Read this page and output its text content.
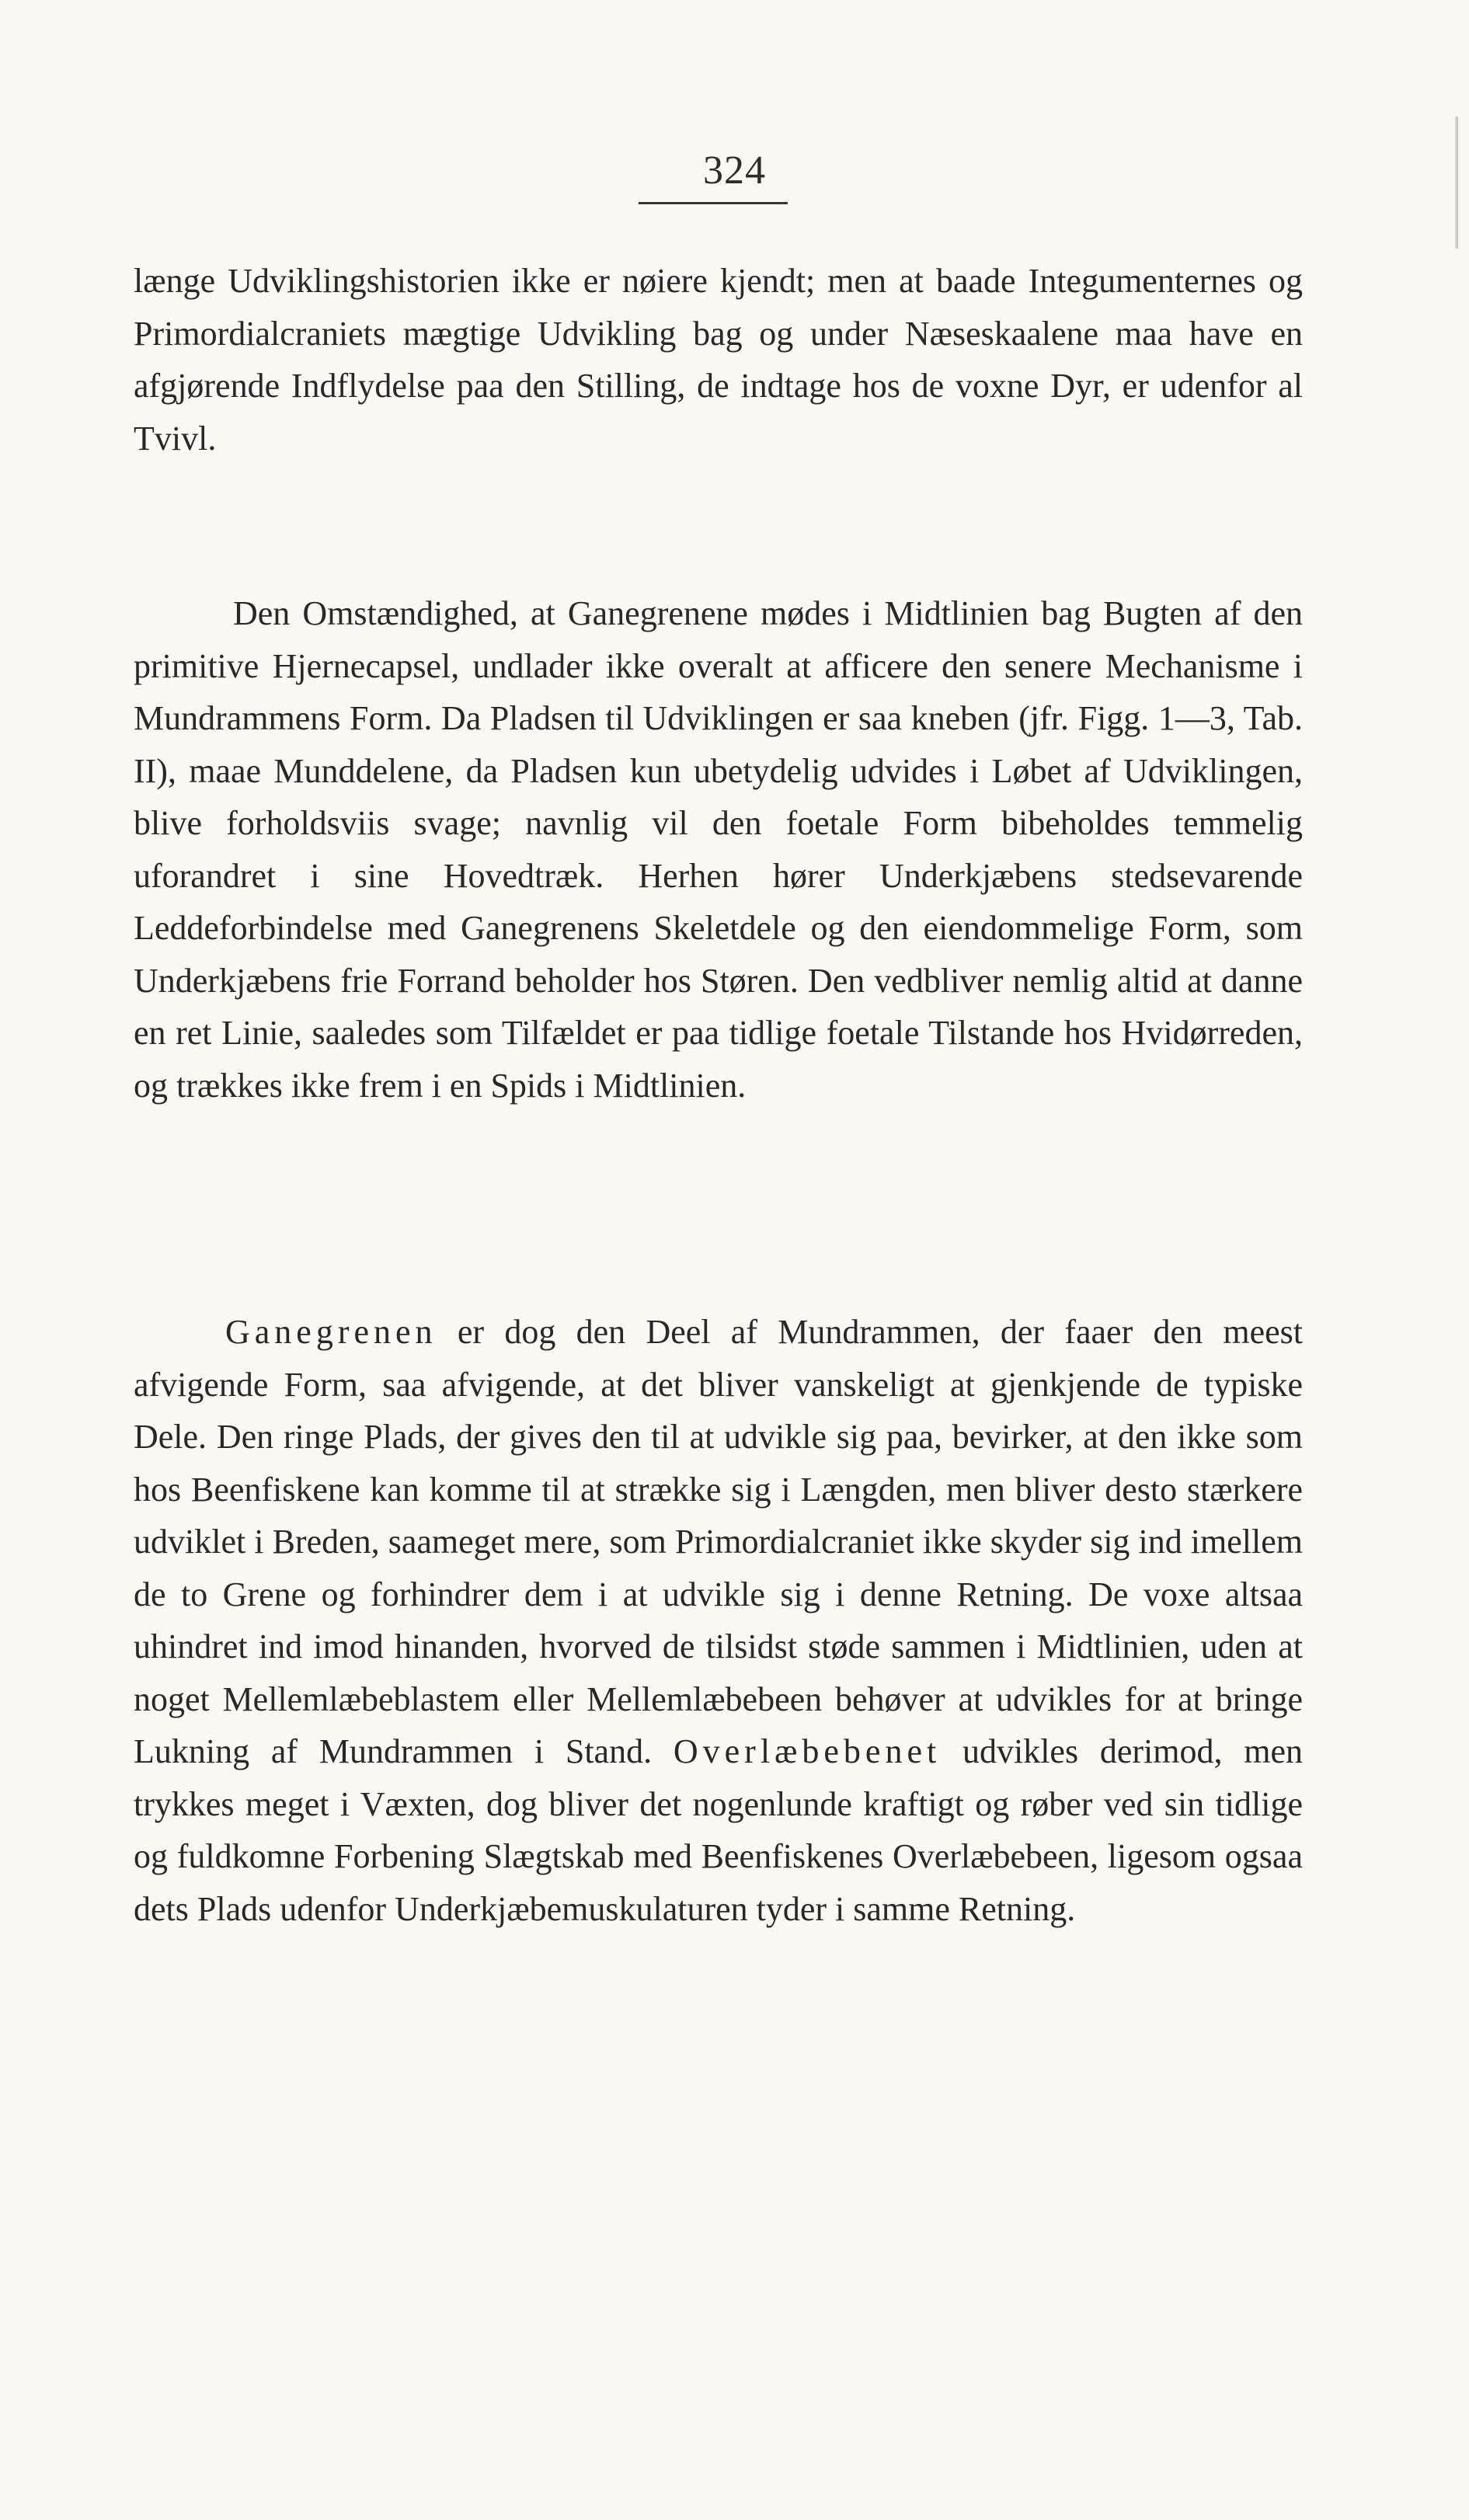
324

længe Udviklingshistorien ikke er nøiere kjendt; men at baade Integumenternes og Primordialcraniets mægtige Udvikling bag og under Næseskaalene maa have en afgjørende Indflydelse paa den Stilling, de indtage hos de voxne Dyr, er udenfor al Tvivl.

Den Omstændighed, at Ganegrenene mødes i Midtlinien bag Bugten af den primitive Hjernecapsel, undlader ikke overalt at afficere den senere Mechanisme i Mundrammens Form. Da Pladsen til Udviklingen er saa kneben (jfr. Figg. 1—3, Tab. II), maae Munddelene, da Pladsen kun ubetydelig udvides i Løbet af Udviklingen, blive forholdsviis svage; navnlig vil den foetale Form bibeholdes temmelig uforandret i sine Hovedtræk. Herhen hører Underkjæbens stedsevarende Leddeforbindelse med Ganegrenens Skeletdele og den eiendommelige Form, som Underkjæbens frie Forrand beholder hos Støren. Den vedbliver nemlig altid at danne en ret Linie, saaledes som Tilfældet er paa tidlige foetale Tilstande hos Hvidørreden, og trækkes ikke frem i en Spids i Midtlinien.

Ganegrenen er dog den Deel af Mundrammen, der faaer den meest afvigende Form, saa afvigende, at det bliver vanskeligt at gjenkjende de typiske Dele. Den ringe Plads, der gives den til at udvikle sig paa, bevirker, at den ikke som hos Beenfiskene kan komme til at strække sig i Længden, men bliver desto stærkere udviklet i Breden, saameget mere, som Primordialcraniet ikke skyder sig ind imellem de to Grene og forhindrer dem i at udvikle sig i denne Retning. De voxe altsaa uhindret ind imod hinanden, hvorved de tilsidst støde sammen i Midtlinien, uden at noget Mellemlæbeblastem eller Mellemlæbebeen behøver at udvikles for at bringe Lukning af Mundrammen i Stand. Overlæbebenet udvikles derimod, men trykkes meget i Væxten, dog bliver det nogenlunde kraftigt og røber ved sin tidlige og fuldkomne Forbening Slægtskab med Beenfiskenes Overlæbebeen, ligesom ogsaa dets Plads udenfor Underkjæbemuskulaturen tyder i samme Retning.
